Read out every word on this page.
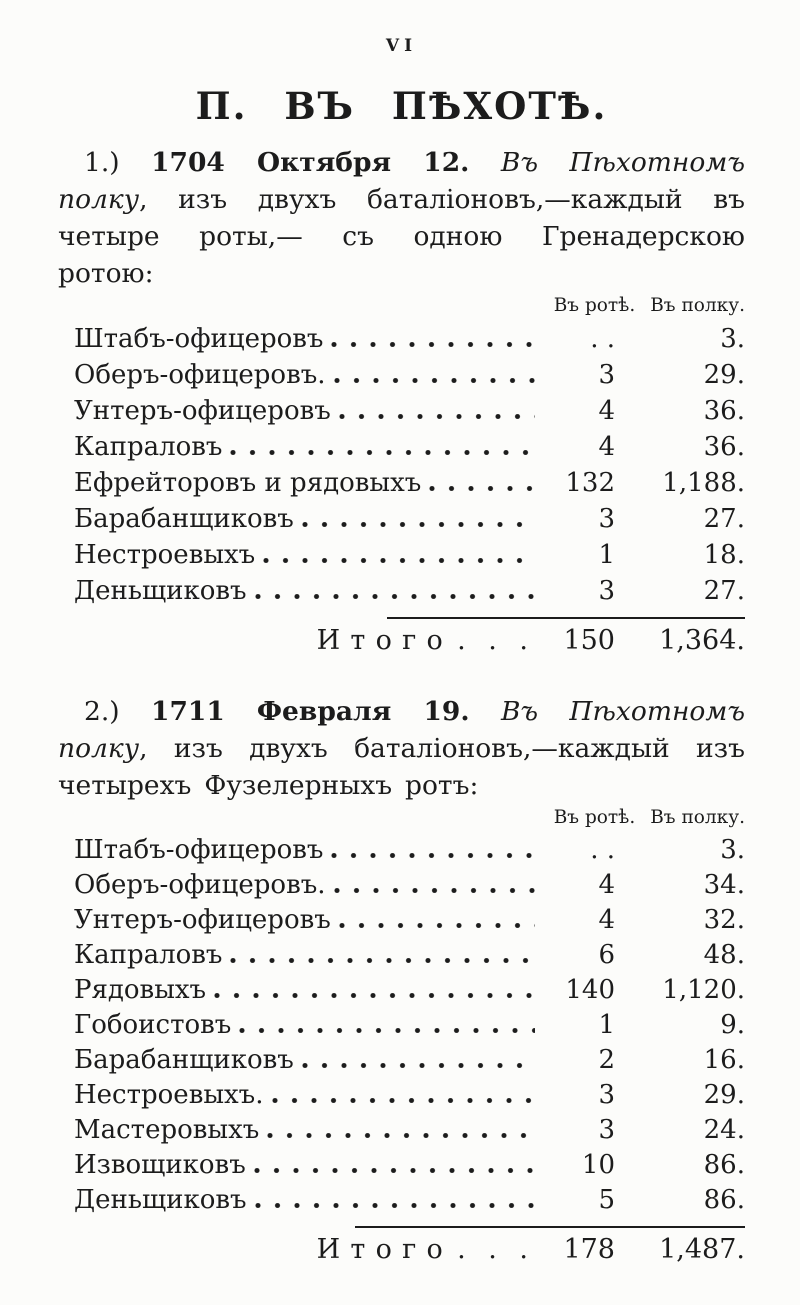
VI
П. ВЪ ПѢХОТѢ.

1.) 1704 Октября 12. Въ Пѣхотномъ полку, изъ двухъ баталіоновъ,—каждый въ четыре роты,— съ одною Гренадерскою ротою:

Въ ротѣ. Въ полку.
Штабъ-офицеровъ	. .	3.
Оберъ-офицеровъ.	3	29.
Унтеръ-офицеровъ	4	36.
Капраловъ	4	36.
Ефрейторовъ и рядовыхъ	132	1,188.
Барабанщиковъ	3	27.
Нестроевыхъ	1	18.
Деньщиковъ	3	27.
Итого . . .	150	1,364.

2.) 1711 Февраля 19. Въ Пѣхотномъ полку, изъ двухъ баталіоновъ,—каждый изъ четырехъ Фузелерныхъ ротъ:

Въ ротѣ. Въ полку.
Штабъ-офицеровъ	. .	3.
Оберъ-офицеровъ.	4	34.
Унтеръ-офицеровъ	4	32.
Капраловъ	6	48.
Рядовыхъ	140	1,120.
Гобоистовъ	1	9.
Барабанщиковъ	2	16.
Нестроевыхъ.	3	29.
Мастеровыхъ	3	24.
Извощиковъ	10	86.
Деньщиковъ	5	86.
Итого . . .	178	1,487.
